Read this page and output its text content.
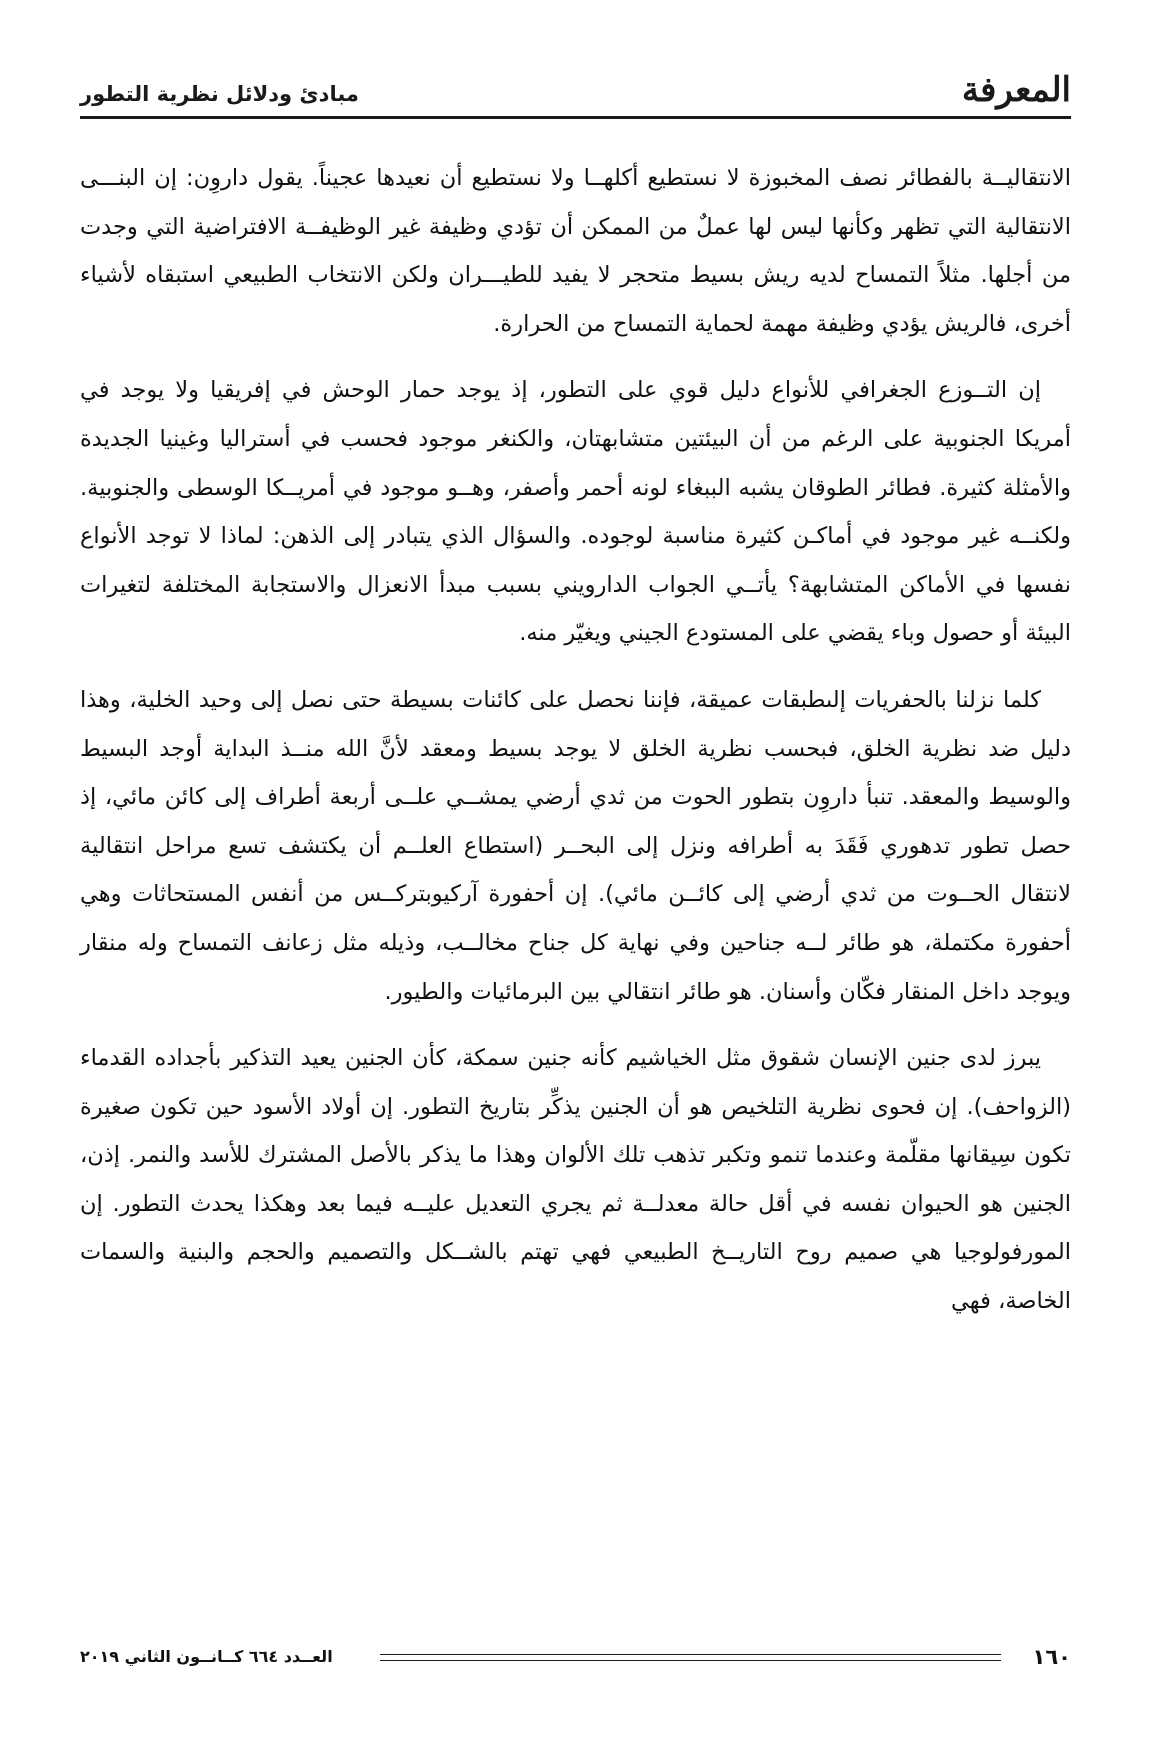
المعرفة
مبادئ ودلائل نظرية التطور

الانتقاليــة بالفطائر نصف المخبوزة لا نستطيع أكلهــا ولا نستطيع أن نعيدها عجيناً. يقول داروِن: إن البنـــى الانتقالية التي تظهر وكأنها ليس لها عملٌ من الممكن أن تؤدي وظيفة غير الوظيفــة الافتراضية التي وجدت من أجلها. مثلاً التمساح لديه ريش بسيط متحجر لا يفيد للطيـــران ولكن الانتخاب الطبيعي استبقاه لأشياء أخرى، فالريش يؤدي وظيفة مهمة لحماية التمساح من الحرارة.

إن التــوزع الجغرافي للأنواع دليل قوي على التطور، إذ يوجد حمار الوحش في إفريقيا ولا يوجد في أمريكا الجنوبية على الرغم من أن البيئتين متشابهتان، والكنغر موجود فحسب في أستراليا وغينيا الجديدة والأمثلة كثيرة. فطائر الطوقان يشبه الببغاء لونه أحمر وأصفر، وهــو موجود في أمريــكا الوسطى والجنوبية. ولكنــه غير موجود في أماكـن كثيرة مناسبة لوجوده. والسؤال الذي يتبادر إلى الذهن: لماذا لا توجد الأنواع نفسها في الأماكن المتشابهة؟ يأتــي الجواب الدارويني بسبب مبدأ الانعزال والاستجابة المختلفة لتغيرات البيئة أو حصول وباء يقضي على المستودع الجيني ويغيّر منه.

كلما نزلنا بالحفريات إلىطبقات عميقة، فإننا نحصل على كائنات بسيطة حتى نصل إلى وحيد الخلية، وهذا دليل ضد نظرية الخلق، فبحسب نظرية الخلق لا يوجد بسيط ومعقد لأنَّ الله منــذ البداية أوجد البسيط والوسيط والمعقد. تنبأ داروِن بتطور الحوت من ثدي أرضي يمشــي علــى أربعة أطراف إلى كائن مائي، إذ حصل تطور تدهوري فَقَدَ به أطرافه ونزل إلى البحــر (استطاع العلــم أن يكتشف تسع مراحل انتقالية لانتقال الحــوت من ثدي أرضي إلى كائــن مائي). إن أحفورة آركيوبتركــس من أنفس المستحاثات وهي أحفورة مكتملة، هو طائر لــه جناحين وفي نهاية كل جناح مخالــب، وذيله مثل زعانف التمساح وله منقار ويوجد داخل المنقار فكّان وأسنان. هو طائر انتقالي بين البرمائيات والطيور.

يبرز لدى جنين الإنسان شقوق مثل الخياشيم كأنه جنين سمكة، كأن الجنين يعيد التذكير بأجداده القدماء (الزواحف). إن فحوى نظرية التلخيص هو أن الجنين يذكِّر بتاريخ التطور. إن أولاد الأسود حين تكون صغيرة تكون سِيقانها مقلّمة وعندما تنمو وتكبر تذهب تلك الألوان وهذا ما يذكر بالأصل المشترك للأسد والنمر. إذن، الجنين هو الحيوان نفسه في أقل حالة معدلــة ثم يجري التعديل عليــه فيما بعد وهكذا يحدث التطور. إن المورفولوجيا هي صميم روح التاريــخ الطبيعي فهي تهتم بالشــكل والتصميم والحجم والبنية والسمات الخاصة، فهي

١٦٠
العــدد ٦٦٤ كــانــون الثاني ٢٠١٩
